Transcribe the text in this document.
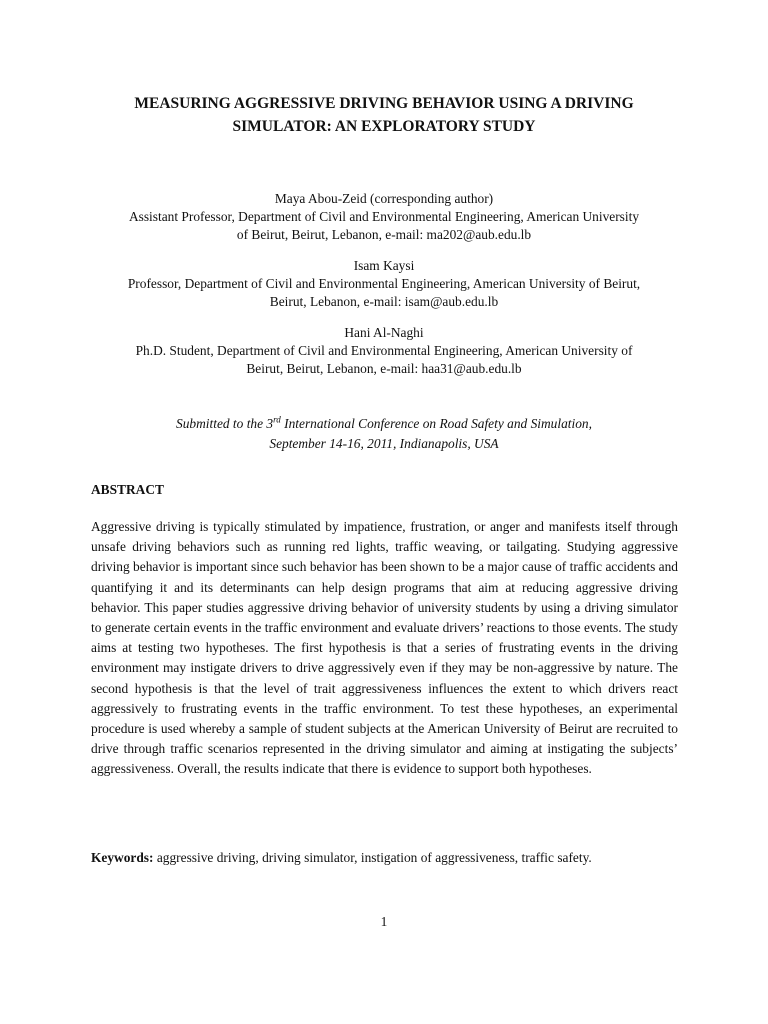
MEASURING AGGRESSIVE DRIVING BEHAVIOR USING A DRIVING
SIMULATOR: AN EXPLORATORY STUDY
Maya Abou-Zeid (corresponding author)
Assistant Professor, Department of Civil and Environmental Engineering, American University
of Beirut, Beirut, Lebanon, e-mail: ma202@aub.edu.lb
Isam Kaysi
Professor, Department of Civil and Environmental Engineering, American University of Beirut,
Beirut, Lebanon, e-mail: isam@aub.edu.lb
Hani Al-Naghi
Ph.D. Student, Department of Civil and Environmental Engineering, American University of
Beirut, Beirut, Lebanon, e-mail: haa31@aub.edu.lb
Submitted to the 3rd International Conference on Road Safety and Simulation,
September 14-16, 2011, Indianapolis, USA
ABSTRACT

Aggressive driving is typically stimulated by impatience, frustration, or anger and manifests itself through unsafe driving behaviors such as running red lights, traffic weaving, or tailgating. Studying aggressive driving behavior is important since such behavior has been shown to be a major cause of traffic accidents and quantifying it and its determinants can help design programs that aim at reducing aggressive driving behavior. This paper studies aggressive driving behavior of university students by using a driving simulator to generate certain events in the traffic environment and evaluate drivers’ reactions to those events. The study aims at testing two hypotheses. The first hypothesis is that a series of frustrating events in the driving environment may instigate drivers to drive aggressively even if they may be non-aggressive by nature. The second hypothesis is that the level of trait aggressiveness influences the extent to which drivers react aggressively to frustrating events in the traffic environment. To test these hypotheses, an experimental procedure is used whereby a sample of student subjects at the American University of Beirut are recruited to drive through traffic scenarios represented in the driving simulator and aiming at instigating the subjects’ aggressiveness. Overall, the results indicate that there is evidence to support both hypotheses.

Keywords: aggressive driving, driving simulator, instigation of aggressiveness, traffic safety.

1
